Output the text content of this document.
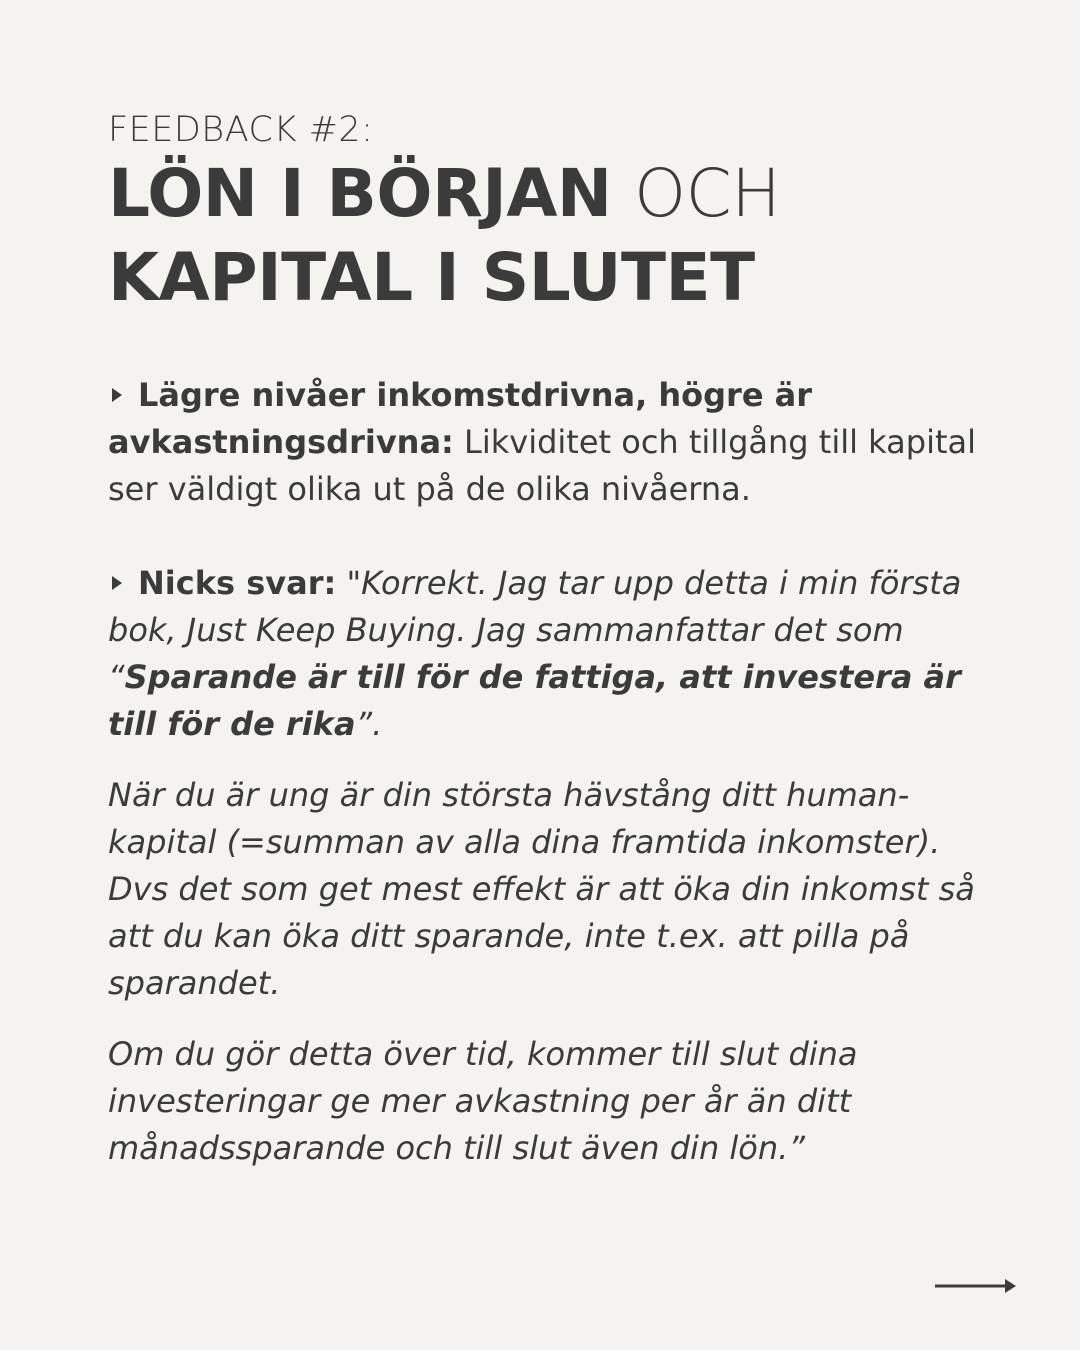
FEEDBACK #2:

LÖN I BÖRJAN OCH
KAPITAL I SLUTET

Lägre nivåer inkomstdrivna, högre är avkastningsdrivna: Likviditet och tillgång till kapital ser väldigt olika ut på de olika nivåerna.

Nicks svar: "Korrekt. Jag tar upp detta i min första bok, Just Keep Buying. Jag sammanfattar det som “Sparande är till för de fattiga, att investera är till för de rika”.

När du är ung är din största hävstång ditt human-kapital (=summan av alla dina framtida inkomster). Dvs det som get mest effekt är att öka din inkomst så att du kan öka ditt sparande, inte t.ex. att pilla på sparandet.

Om du gör detta över tid, kommer till slut dina investeringar ge mer avkastning per år än ditt månadssparande och till slut även din lön.”
